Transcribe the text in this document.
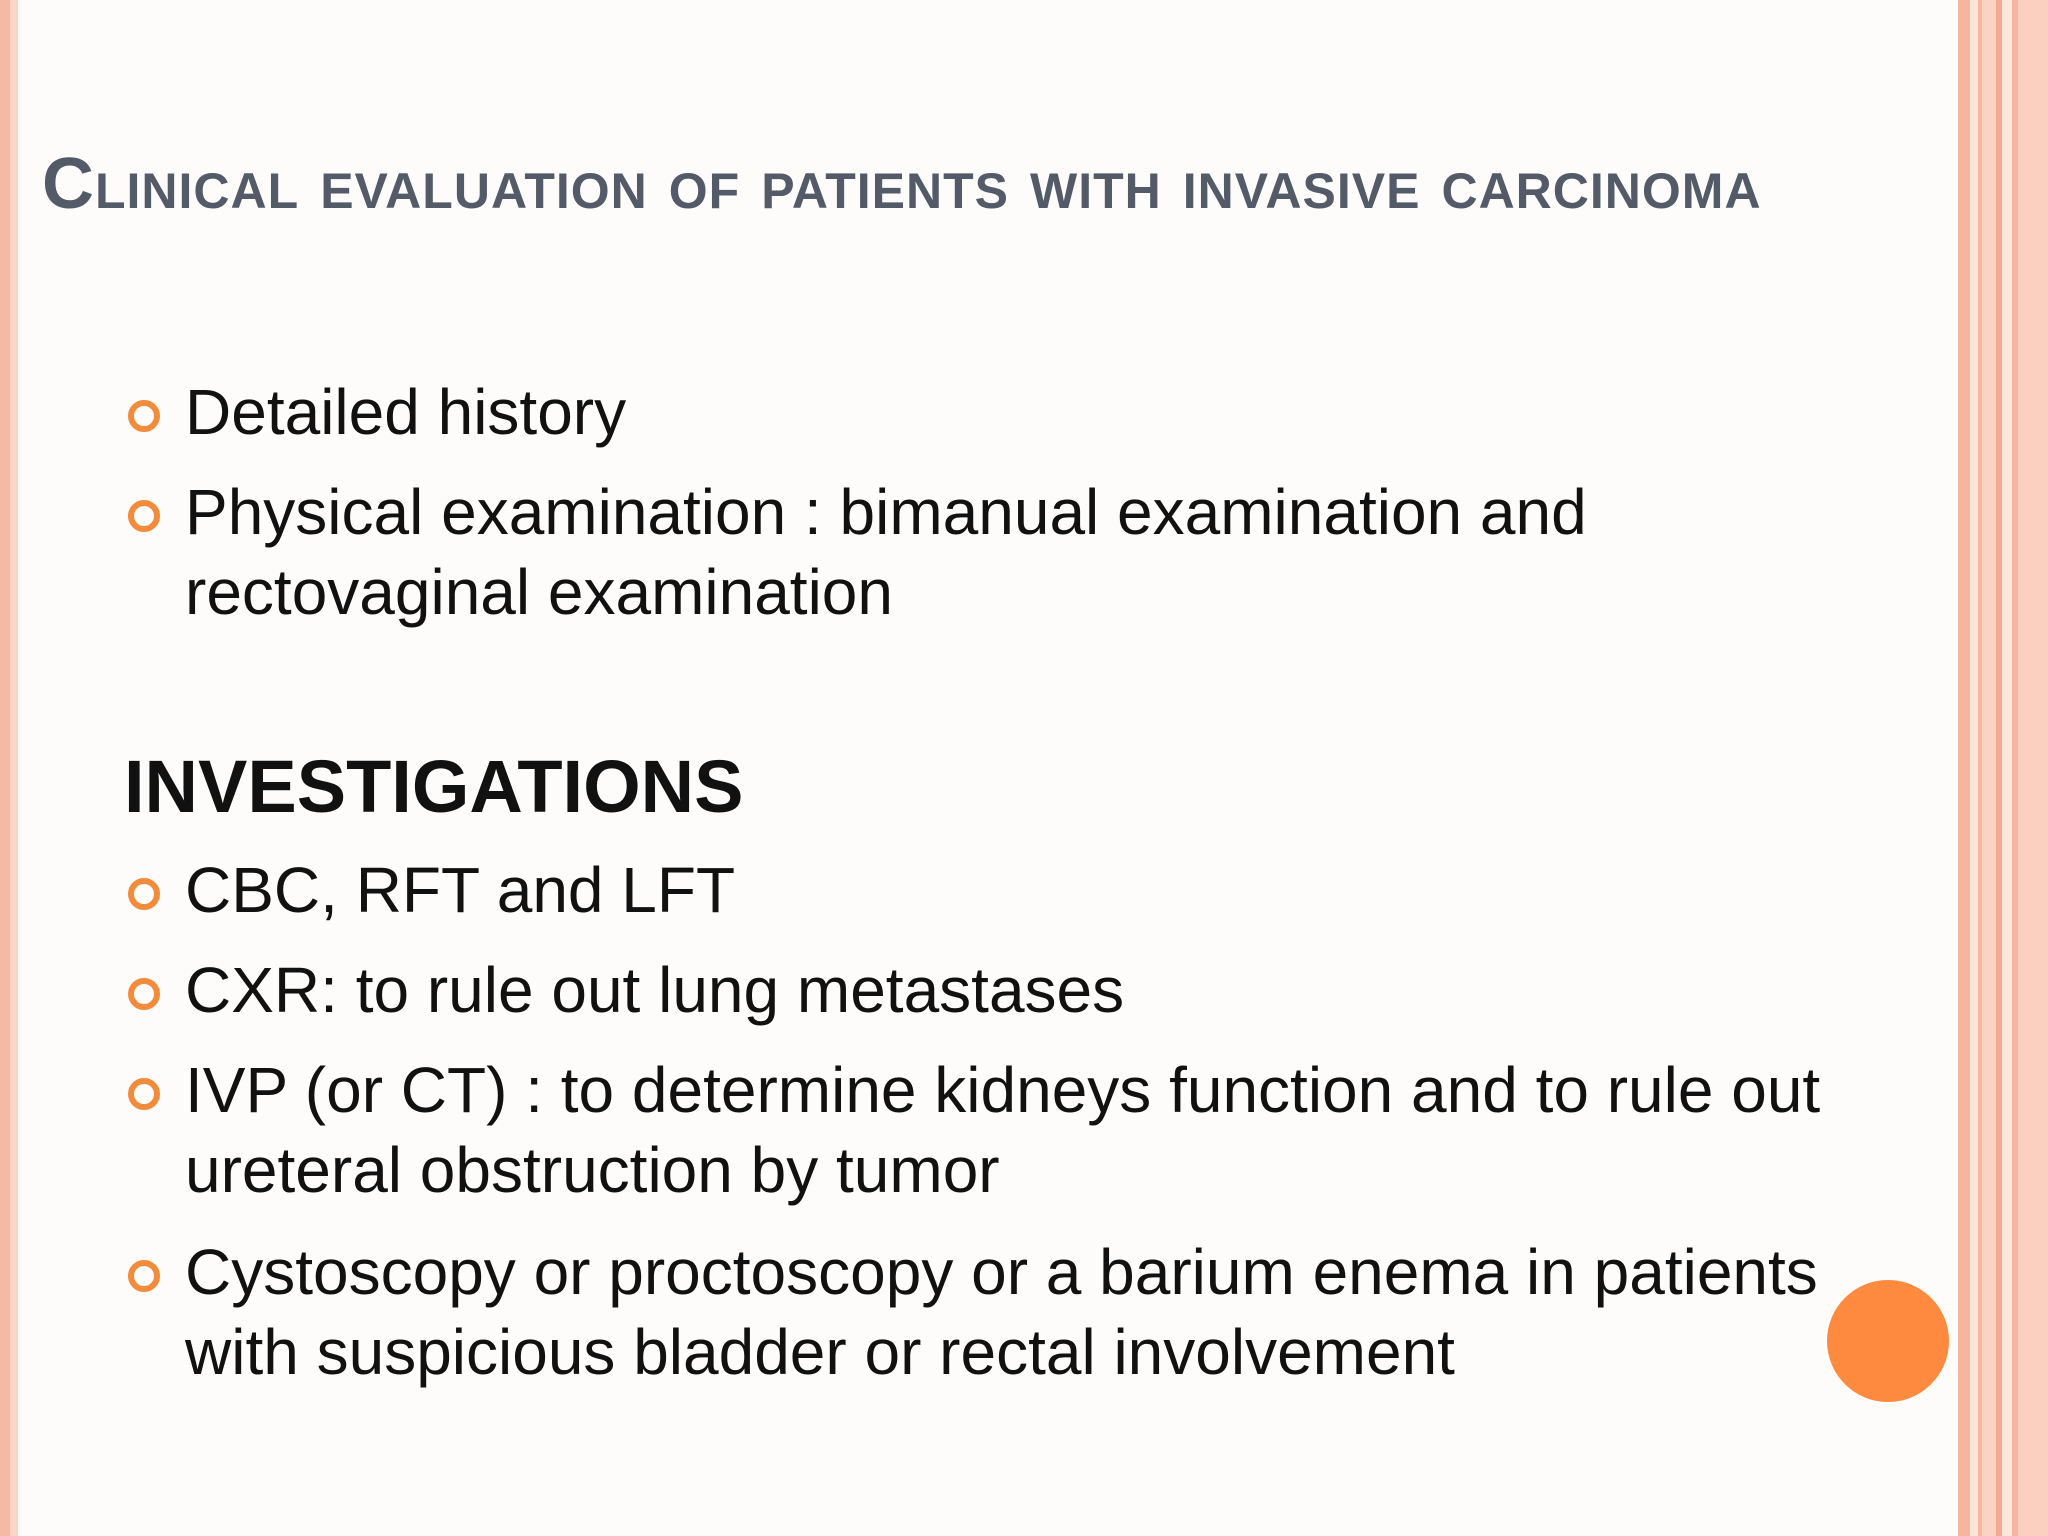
Clinical evaluation of patients with invasive carcinoma
Detailed history
Physical examination : bimanual examination and rectovaginal examination
INVESTIGATIONS
CBC, RFT and LFT
CXR: to rule out lung metastases
IVP (or CT) : to determine kidneys function and to rule out ureteral obstruction by tumor
Cystoscopy or proctoscopy or a barium enema in patients with suspicious bladder or rectal involvement
